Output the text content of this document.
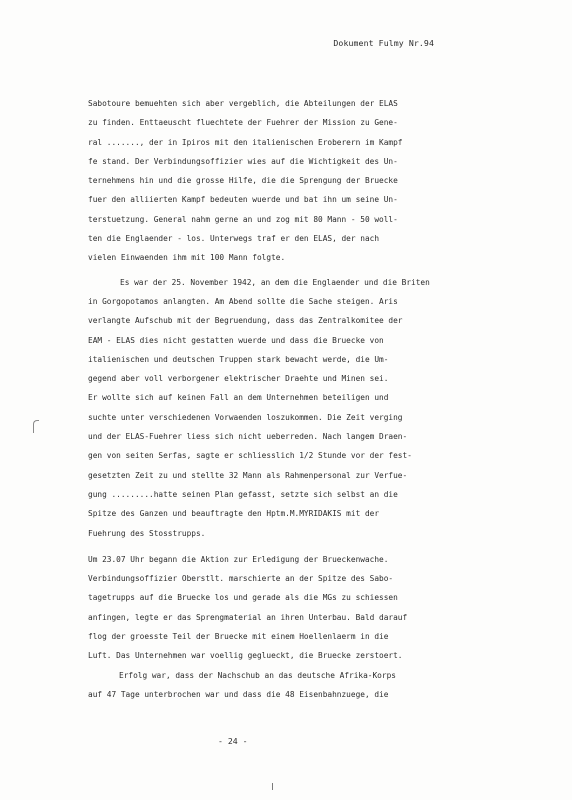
Dokument Fulmy Nr.94
Sabotoure bemuehten sich aber vergeblich, die Abteilungen der ELAS
zu finden. Enttaeuscht fluechtete der Fuehrer der Mission zu Gene-
ral ......., der in Ipiros mit den italienischen Eroberern im Kampf
fe stand. Der Verbindungsoffizier wies auf die Wichtigkeit des Un-
ternehmens hin und die grosse Hilfe, die die Sprengung der Bruecke
fuer den alliierten Kampf bedeuten wuerde und bat ihn um seine Un-
terstuetzung. General nahm gerne an und zog mit 80 Mann - 50 woll-
ten die Englaender - los. Unterwegs traf er den ELAS, der nach
vielen Einwaenden ihm mit 100 Mann folgte.
Es war der 25. November 1942, an dem die Englaender und die Briten
in Gorgopotamos anlangten. Am Abend sollte die Sache steigen. Aris
verlangte Aufschub mit der Begruendung, dass das Zentralkomitee der
EAM - ELAS dies nicht gestatten wuerde und dass die Bruecke von
italienischen und deutschen Truppen stark bewacht werde, die Um-
gegend aber voll verborgener elektrischer Draehte und Minen sei.
Er wollte sich auf keinen Fall an dem Unternehmen beteiligen und
suchte unter verschiedenen Vorwaenden loszukommen. Die Zeit verging
und der ELAS-Fuehrer liess sich nicht ueberreden. Nach langem Draen-
gen von seiten Serfas, sagte er schliesslich 1/2 Stunde vor der fest-
gesetzten Zeit zu und stellte 32 Mann als Rahmenpersonal zur Verfue-
gung .........hatte seinen Plan gefasst, setzte sich selbst an die
Spitze des Ganzen und beauftragte den Hptm.M.MYRIDAKIS mit der
Fuehrung des Stosstrupps.
Um 23.07 Uhr begann die Aktion zur Erledigung der Brueckenwache.
Verbindungsoffizier Oberstlt. marschierte an der Spitze des Sabo-
tagetrupps auf die Bruecke los und gerade als die MGs zu schiessen
anfingen, legte er das Sprengmaterial an ihren Unterbau. Bald darauf
flog der groesste Teil der Bruecke mit einem Hoellenlaerm in die
Luft. Das Unternehmen war voellig geglueckt, die Bruecke zerstoert.
Erfolg war, dass der Nachschub an das deutsche Afrika-Korps
auf 47 Tage unterbrochen war und dass die 48 Eisenbahnzuege, die
- 24 -
